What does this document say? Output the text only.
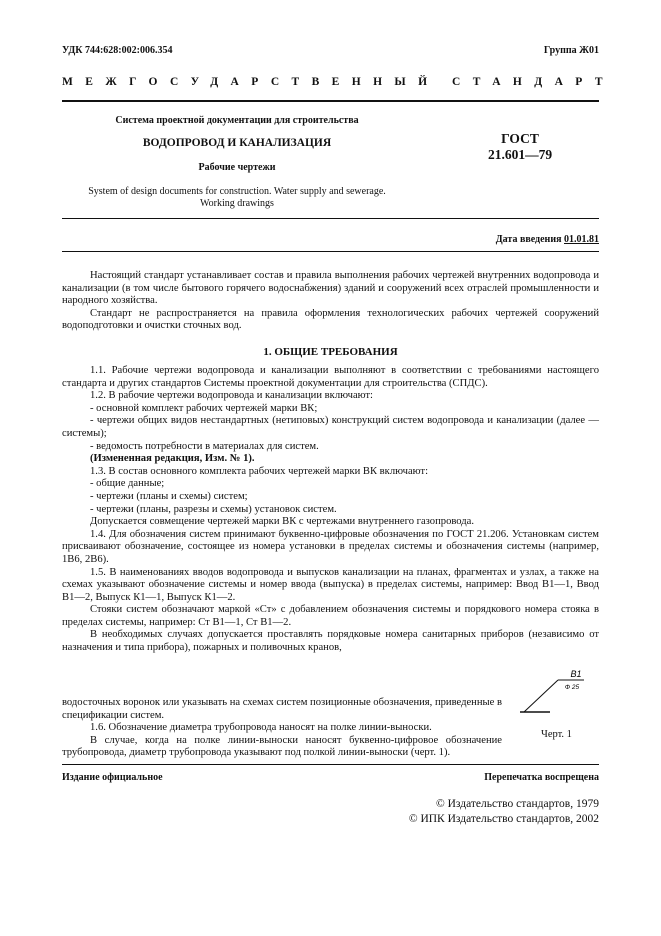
УДК 744:628:002:006.354	Группа Ж01
МЕЖГОСУДАРСТВЕННЫЙ СТАНДАРТ
Система проектной документации для строительства
ВОДОПРОВОД И КАНАЛИЗАЦИЯ
Рабочие чертежи
ГОСТ
21.601—79
System of design documents for construction. Water supply and sewerage.
Working drawings
Дата введения 01.01.81

Настоящий стандарт устанавливает состав и правила выполнения рабочих чертежей внутренних водопровода и канализации (в том числе бытового горячего водоснабжения) зданий и сооружений всех отраслей промышленности и народного хозяйства.

Стандарт не распространяется на правила оформления технологических рабочих чертежей сооружений водоподготовки и очистки сточных вод.

1. ОБЩИЕ ТРЕБОВАНИЯ

1.1. Рабочие чертежи водопровода и канализации выполняют в соответствии с требованиями настоящего стандарта и других стандартов Системы проектной документации для строительства (СПДС).

1.2. В рабочие чертежи водопровода и канализации включают:

- основной комплект рабочих чертежей марки ВК;

- чертежи общих видов нестандартных (нетиповых) конструкций систем водопровода и канализации (далее — системы);

- ведомость потребности в материалах для систем.

(Измененная редакция, Изм. № 1).

1.3. В состав основного комплекта рабочих чертежей марки ВК включают:

- общие данные;

- чертежи (планы и схемы) систем;

- чертежи (планы, разрезы и схемы) установок систем.

Допускается совмещение чертежей марки ВК с чертежами внутреннего газопровода.

1.4. Для обозначения систем принимают буквенно-цифровые обозначения по ГОСТ 21.206. Установкам систем присваивают обозначение, состоящее из номера установки в пределах системы и обозначения системы (например, 1В6, 2В6).

1.5. В наименованиях вводов водопровода и выпусков канализации на планах, фрагментах и узлах, а также на схемах указывают обозначение системы и номер ввода (выпуска) в пределах системы, например: Ввод В1—1, Ввод В1—2, Выпуск К1—1, Выпуск К1—2.

Стояки систем обозначают маркой «Ст» с добавлением обозначения системы и порядкового номера стояка в пределах системы, например: Ст В1—1, Ст В1—2.

В необходимых случаях допускается проставлять порядковые номера санитарных приборов (независимо от назначения и типа прибора), пожарных и поливочных кранов,

водосточных воронок или указывать на схемах систем позиционные обозначения, приведенные в спецификации систем.

1.6. Обозначение диаметра трубопровода наносят на полке линии-выноски.

В случае, когда на полке линии-выноски наносят буквенно-цифровое обозначение трубопровода, диаметр трубопровода указывают под полкой линии-выноски (черт. 1).

В1
Ф 25
Черт. 1
Издание официальное	Перепечатка воспрещена
© Издательство стандартов, 1979
© ИПК Издательство стандартов, 2002
